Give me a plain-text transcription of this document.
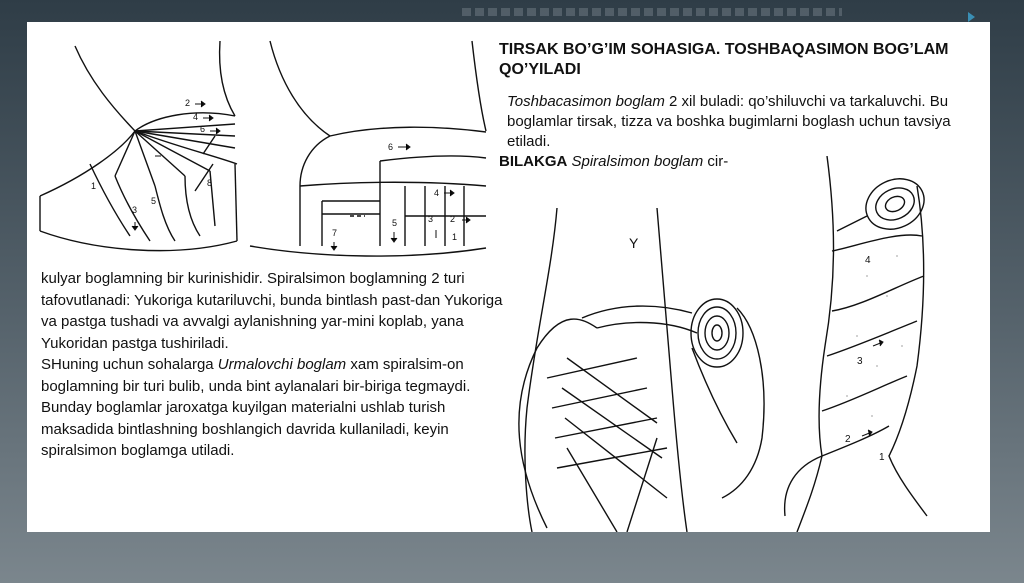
2
4
6
1
3
5
8
6
4
2
3
5
7	1	Y
4
3
2
1
TIRSAK BO’G’IM SOHASIGA. TOSHBAQASIMON BOG’LAM QO’YILADI

Toshbacasimon boglam 2 xil buladi: qo’shiluvchi va tarkaluvchi. Bu boglamlar tirsak, tizza va boshka bugimlarni boglash uchun tavsiya etiladi.

BILAKGA Spiralsimon boglam cir-

kulyar boglamning bir kurinishidir. Spiralsimon boglamning 2 turi tafovutlanadi: Yukoriga kutariluvchi, bunda bintlash past-dan Yukoriga va pastga tushadi va avvalgi aylanishning yar-mini koplab, yana Yukoridan pastga tushiriladi.

SHuning uchun sohalarga Urmalovchi boglam xam spiralsim-on boglamning bir turi bulib, unda bint aylanalari bir-biriga tegmaydi. Bunday boglamlar jaroxatga kuyilgan materialni ushlab turish maksadida bintlashning boshlangich davrida kullaniladi, keyin spiralsimon boglamga utiladi.
